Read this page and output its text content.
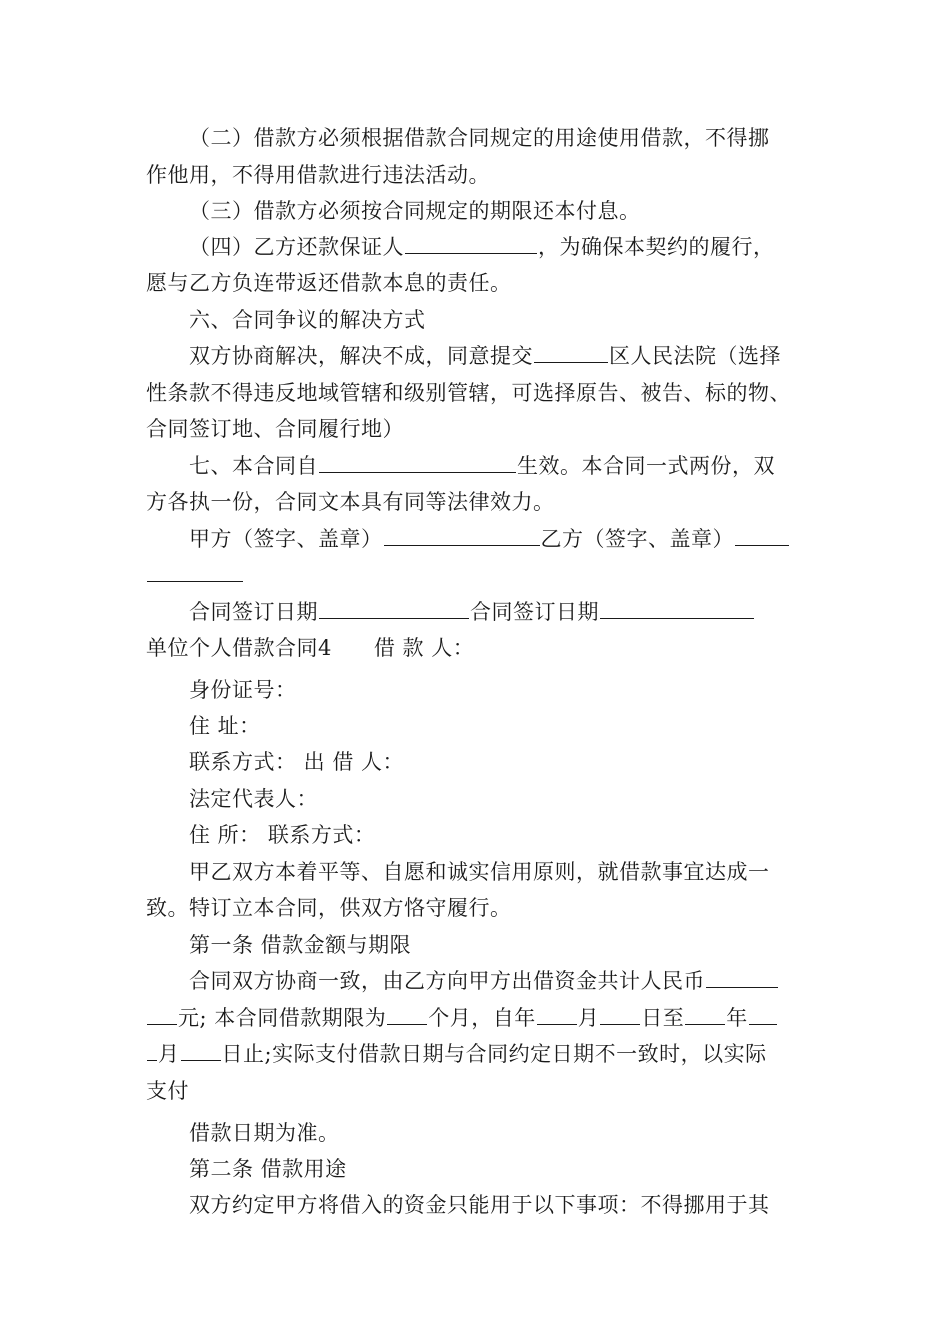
（二）借款方必须根据借款合同规定的用途使用借款，不得挪
作他用，不得用借款进行违法活动。
（三）借款方必须按合同规定的期限还本付息。
（四）乙方还款保证人	，为确保本契约的履行，
愿与乙方负连带返还借款本息的责任。
六、合同争议的解决方式
双方协商解决，解决不成，同意提交	区人民法院（选择
性条款不得违反地域管辖和级别管辖，可选择原告、被告、标的物、
合同签订地、合同履行地）
七、本合同自	生效。本合同一式两份，双
方各执一份，合同文本具有同等法律效力。
甲方（签字、盖章）	乙方（签字、盖章）
合同签订日期	合同签订日期
单位个人借款合同4 借 款 人：
身份证号：
住 址：
联系方式： 出 借 人：
法定代表人：
住 所： 联系方式：
甲乙双方本着平等、自愿和诚实信用原则，就借款事宜达成一
致。特订立本合同，供双方恪守履行。
第一条 借款金额与期限
合同双方协商一致，由乙方向甲方出借资金共计人民币
元; 本合同借款期限为 个月，自年 月 日至 年
月 日止;实际支付借款日期与合同约定日期不一致时，以实际
支付
借款日期为准。
第二条 借款用途
双方约定甲方将借入的资金只能用于以下事项：不得挪用于其
